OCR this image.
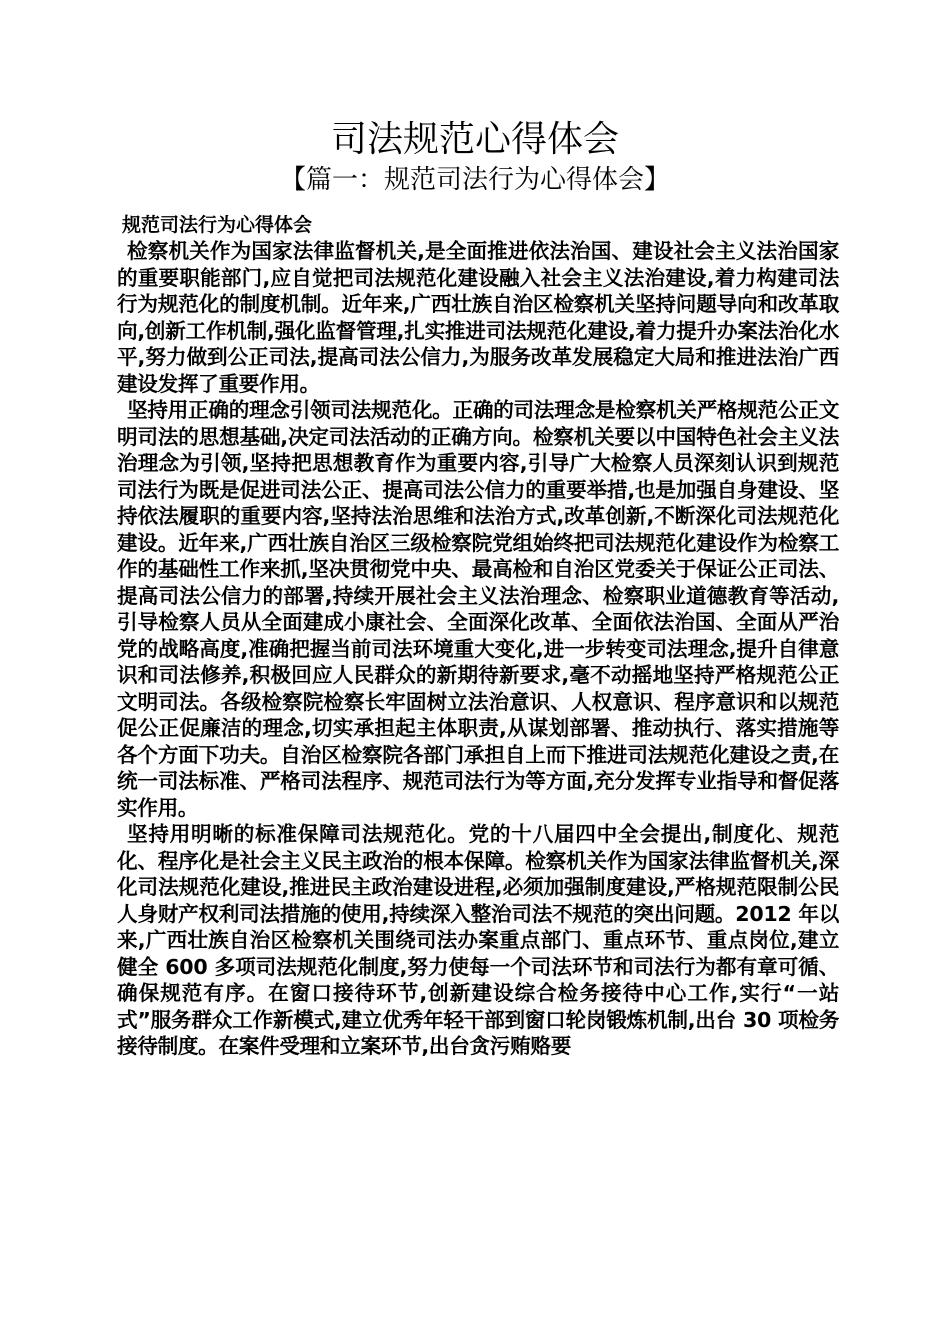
司法规范心得体会
【篇一：规范司法行为心得体会】

规范司法行为心得体会

检察机关作为国家法律监督机关,是全面推进依法治国、建设社会主义法治国家的重要职能部门,应自觉把司法规范化建设融入社会主义法治建设,着力构建司法行为规范化的制度机制。近年来,广西壮族自治区检察机关坚持问题导向和改革取向,创新工作机制,强化监督管理,扎实推进司法规范化建设,着力提升办案法治化水平,努力做到公正司法,提高司法公信力,为服务改革发展稳定大局和推进法治广西建设发挥了重要作用。

坚持用正确的理念引领司法规范化。正确的司法理念是检察机关严格规范公正文明司法的思想基础,决定司法活动的正确方向。检察机关要以中国特色社会主义法治理念为引领,坚持把思想教育作为重要内容,引导广大检察人员深刻认识到规范司法行为既是促进司法公正、提高司法公信力的重要举措,也是加强自身建设、坚持依法履职的重要内容,坚持法治思维和法治方式,改革创新,不断深化司法规范化建设。近年来,广西壮族自治区三级检察院党组始终把司法规范化建设作为检察工作的基础性工作来抓,坚决贯彻党中央、最高检和自治区党委关于保证公正司法、提高司法公信力的部署,持续开展社会主义法治理念、检察职业道德教育等活动,引导检察人员从全面建成小康社会、全面深化改革、全面依法治国、全面从严治党的战略高度,准确把握当前司法环境重大变化,进一步转变司法理念,提升自律意识和司法修养,积极回应人民群众的新期待新要求,毫不动摇地坚持严格规范公正文明司法。各级检察院检察长牢固树立法治意识、人权意识、程序意识和以规范促公正促廉洁的理念,切实承担起主体职责,从谋划部署、推动执行、落实措施等各个方面下功夫。自治区检察院各部门承担自上而下推进司法规范化建设之责,在统一司法标准、严格司法程序、规范司法行为等方面,充分发挥专业指导和督促落实作用。

坚持用明晰的标准保障司法规范化。党的十八届四中全会提出,制度化、规范化、程序化是社会主义民主政治的根本保障。检察机关作为国家法律监督机关,深化司法规范化建设,推进民主政治建设进程,必须加强制度建设,严格规范限制公民人身财产权利司法措施的使用,持续深入整治司法不规范的突出问题。2012 年以来,广西壮族自治区检察机关围绕司法办案重点部门、重点环节、重点岗位,建立健全 600 多项司法规范化制度,努力使每一个司法环节和司法行为都有章可循、确保规范有序。在窗口接待环节,创新建设综合检务接待中心工作,实行“一站式”服务群众工作新模式,建立优秀年轻干部到窗口轮岗锻炼机制,出台 30 项检务接待制度。在案件受理和立案环节,出台贪污贿赂要
